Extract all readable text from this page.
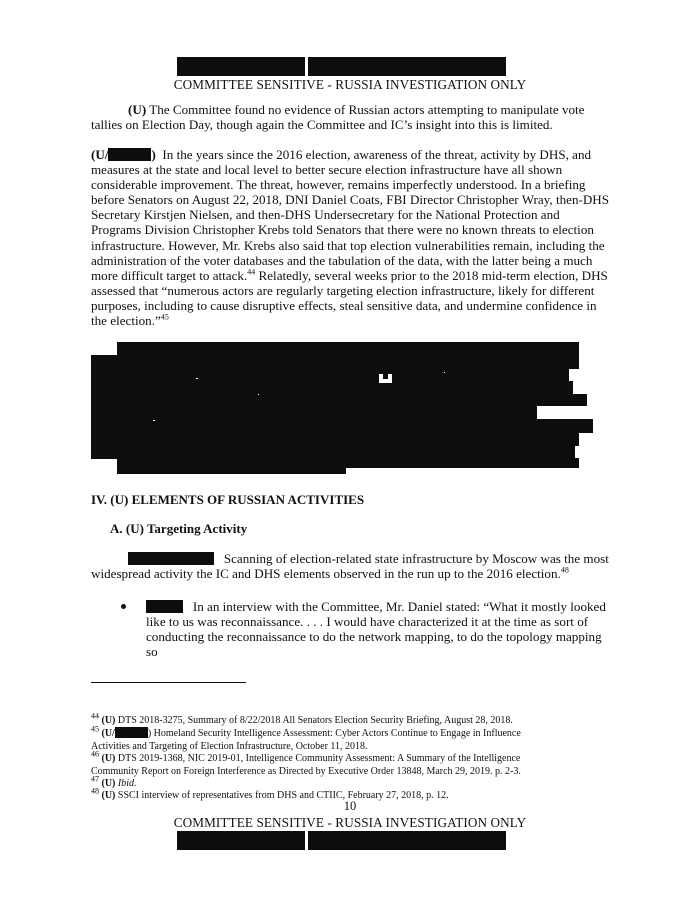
COMMITTEE SENSITIVE - RUSSIA INVESTIGATION ONLY

(U) The Committee found no evidence of Russian actors attempting to manipulate vote tallies on Election Day, though again the Committee and IC’s insight into this is limited.

(U/	) In the years since the 2016 election, awareness of the threat, activity by DHS, and measures at the state and local level to better secure election infrastructure have all shown considerable improvement. The threat, however, remains imperfectly understood. In a briefing before Senators on August 22, 2018, DNI Daniel Coats, FBI Director Christopher Wray, then-DHS Secretary Kirstjen Nielsen, and then-DHS Undersecretary for the National Protection and Programs Division Christopher Krebs told Senators that there were no known threats to election infrastructure. However, Mr. Krebs also said that top election vulnerabilities remain, including the administration of the voter databases and the tabulation of the data, with the latter being a much more difficult target to attack.$^{44}$ Relatedly, several weeks prior to the 2018 mid-term election, DHS assessed that “numerous actors are regularly targeting election infrastructure, likely for different purposes, including to cause disruptive effects, steal sensitive data, and undermine confidence in the election.”$^{45}$

IV. (U) ELEMENTS OF RUSSIAN ACTIVITIES
A. (U) Targeting Activity

Scanning of election-related state infrastructure by Moscow was the most widespread activity the IC and DHS elements observed in the run up to the 2016 election.$^{48}$

In an interview with the Committee, Mr. Daniel stated: “What it mostly looked like to us was reconnaissance. . . . I would have characterized it at the time as sort of conducting the reconnaissance to do the network mapping, to do the topology mapping so

$^{44}$ (U) DTS 2018-3275, Summary of 8/22/2018 All Senators Election Security Briefing, August 28, 2018.
$^{45}$ (U/	) Homeland Security Intelligence Assessment: Cyber Actors Continue to Engage in Influence
Activities and Targeting of Election Infrastructure, October 11, 2018.
$^{46}$ (U) DTS 2019-1368, NIC 2019-01, Intelligence Community Assessment: A Summary of the Intelligence
Community Report on Foreign Interference as Directed by Executive Order 13848, March 29, 2019. p. 2-3.
$^{47}$ (U) Ibid.
$^{48}$ (U) SSCI interview of representatives from DHS and CTIIC, February 27, 2018, p. 12.
10
COMMITTEE SENSITIVE - RUSSIA INVESTIGATION ONLY
